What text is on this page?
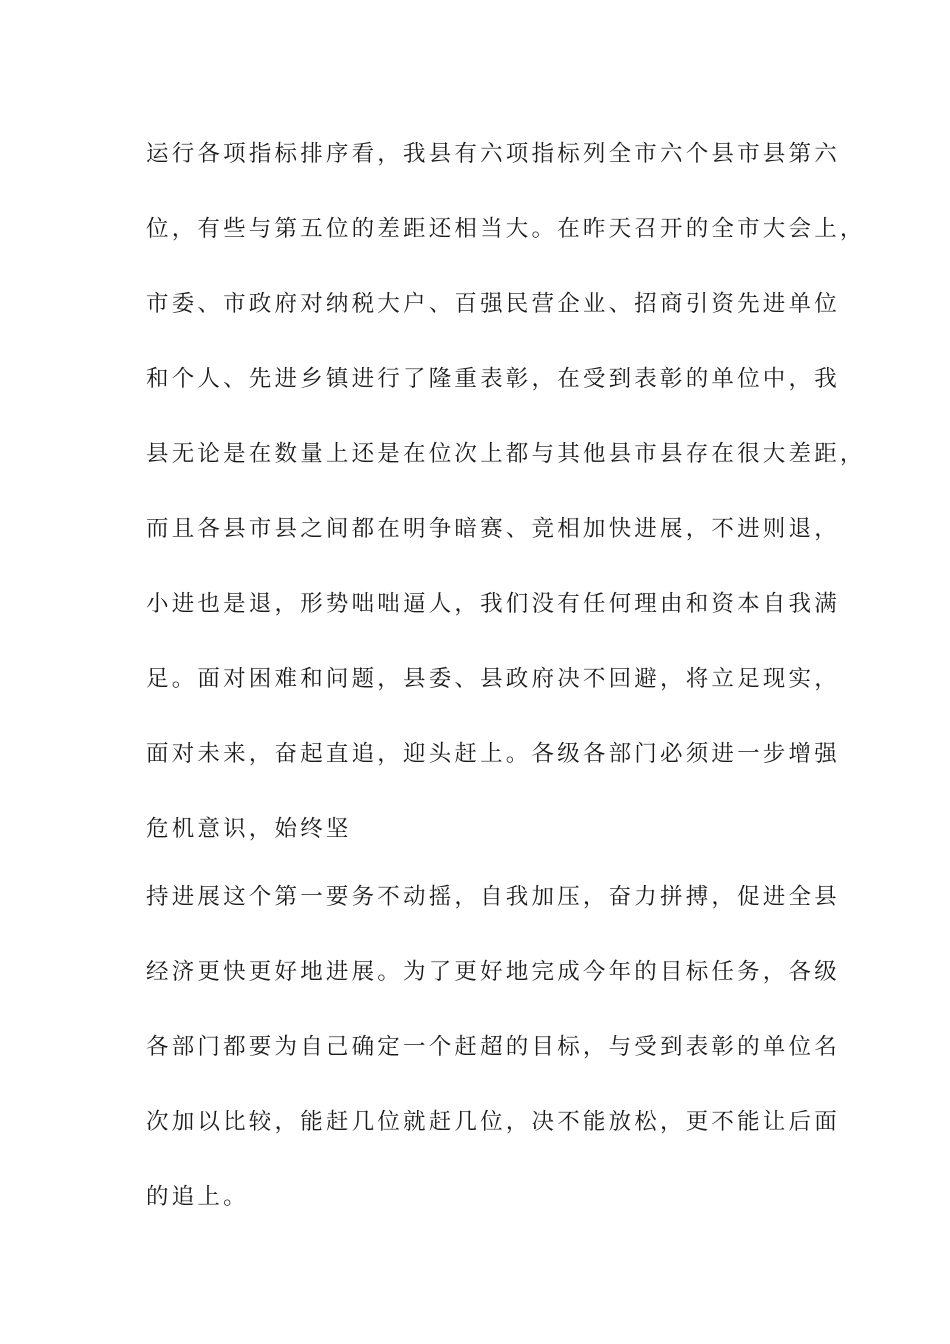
运行各项指标排序看，我县有六项指标列全市六个县市县第六
位，有些与第五位的差距还相当大。在昨天召开的全市大会上，
市委、市政府对纳税大户、百强民营企业、招商引资先进单位
和个人、先进乡镇进行了隆重表彰，在受到表彰的单位中，我
县无论是在数量上还是在位次上都与其他县市县存在很大差距，
而且各县市县之间都在明争暗赛、竞相加快进展，不进则退，
小进也是退，形势咄咄逼人，我们没有任何理由和资本自我满
足。面对困难和问题，县委、县政府决不回避，将立足现实，
面对未来，奋起直追，迎头赶上。各级各部门必须进一步增强
危机意识，始终坚
持进展这个第一要务不动摇，自我加压，奋力拼搏，促进全县
经济更快更好地进展。为了更好地完成今年的目标任务，各级
各部门都要为自己确定一个赶超的目标，与受到表彰的单位名
次加以比较，能赶几位就赶几位，决不能放松，更不能让后面
的追上。
